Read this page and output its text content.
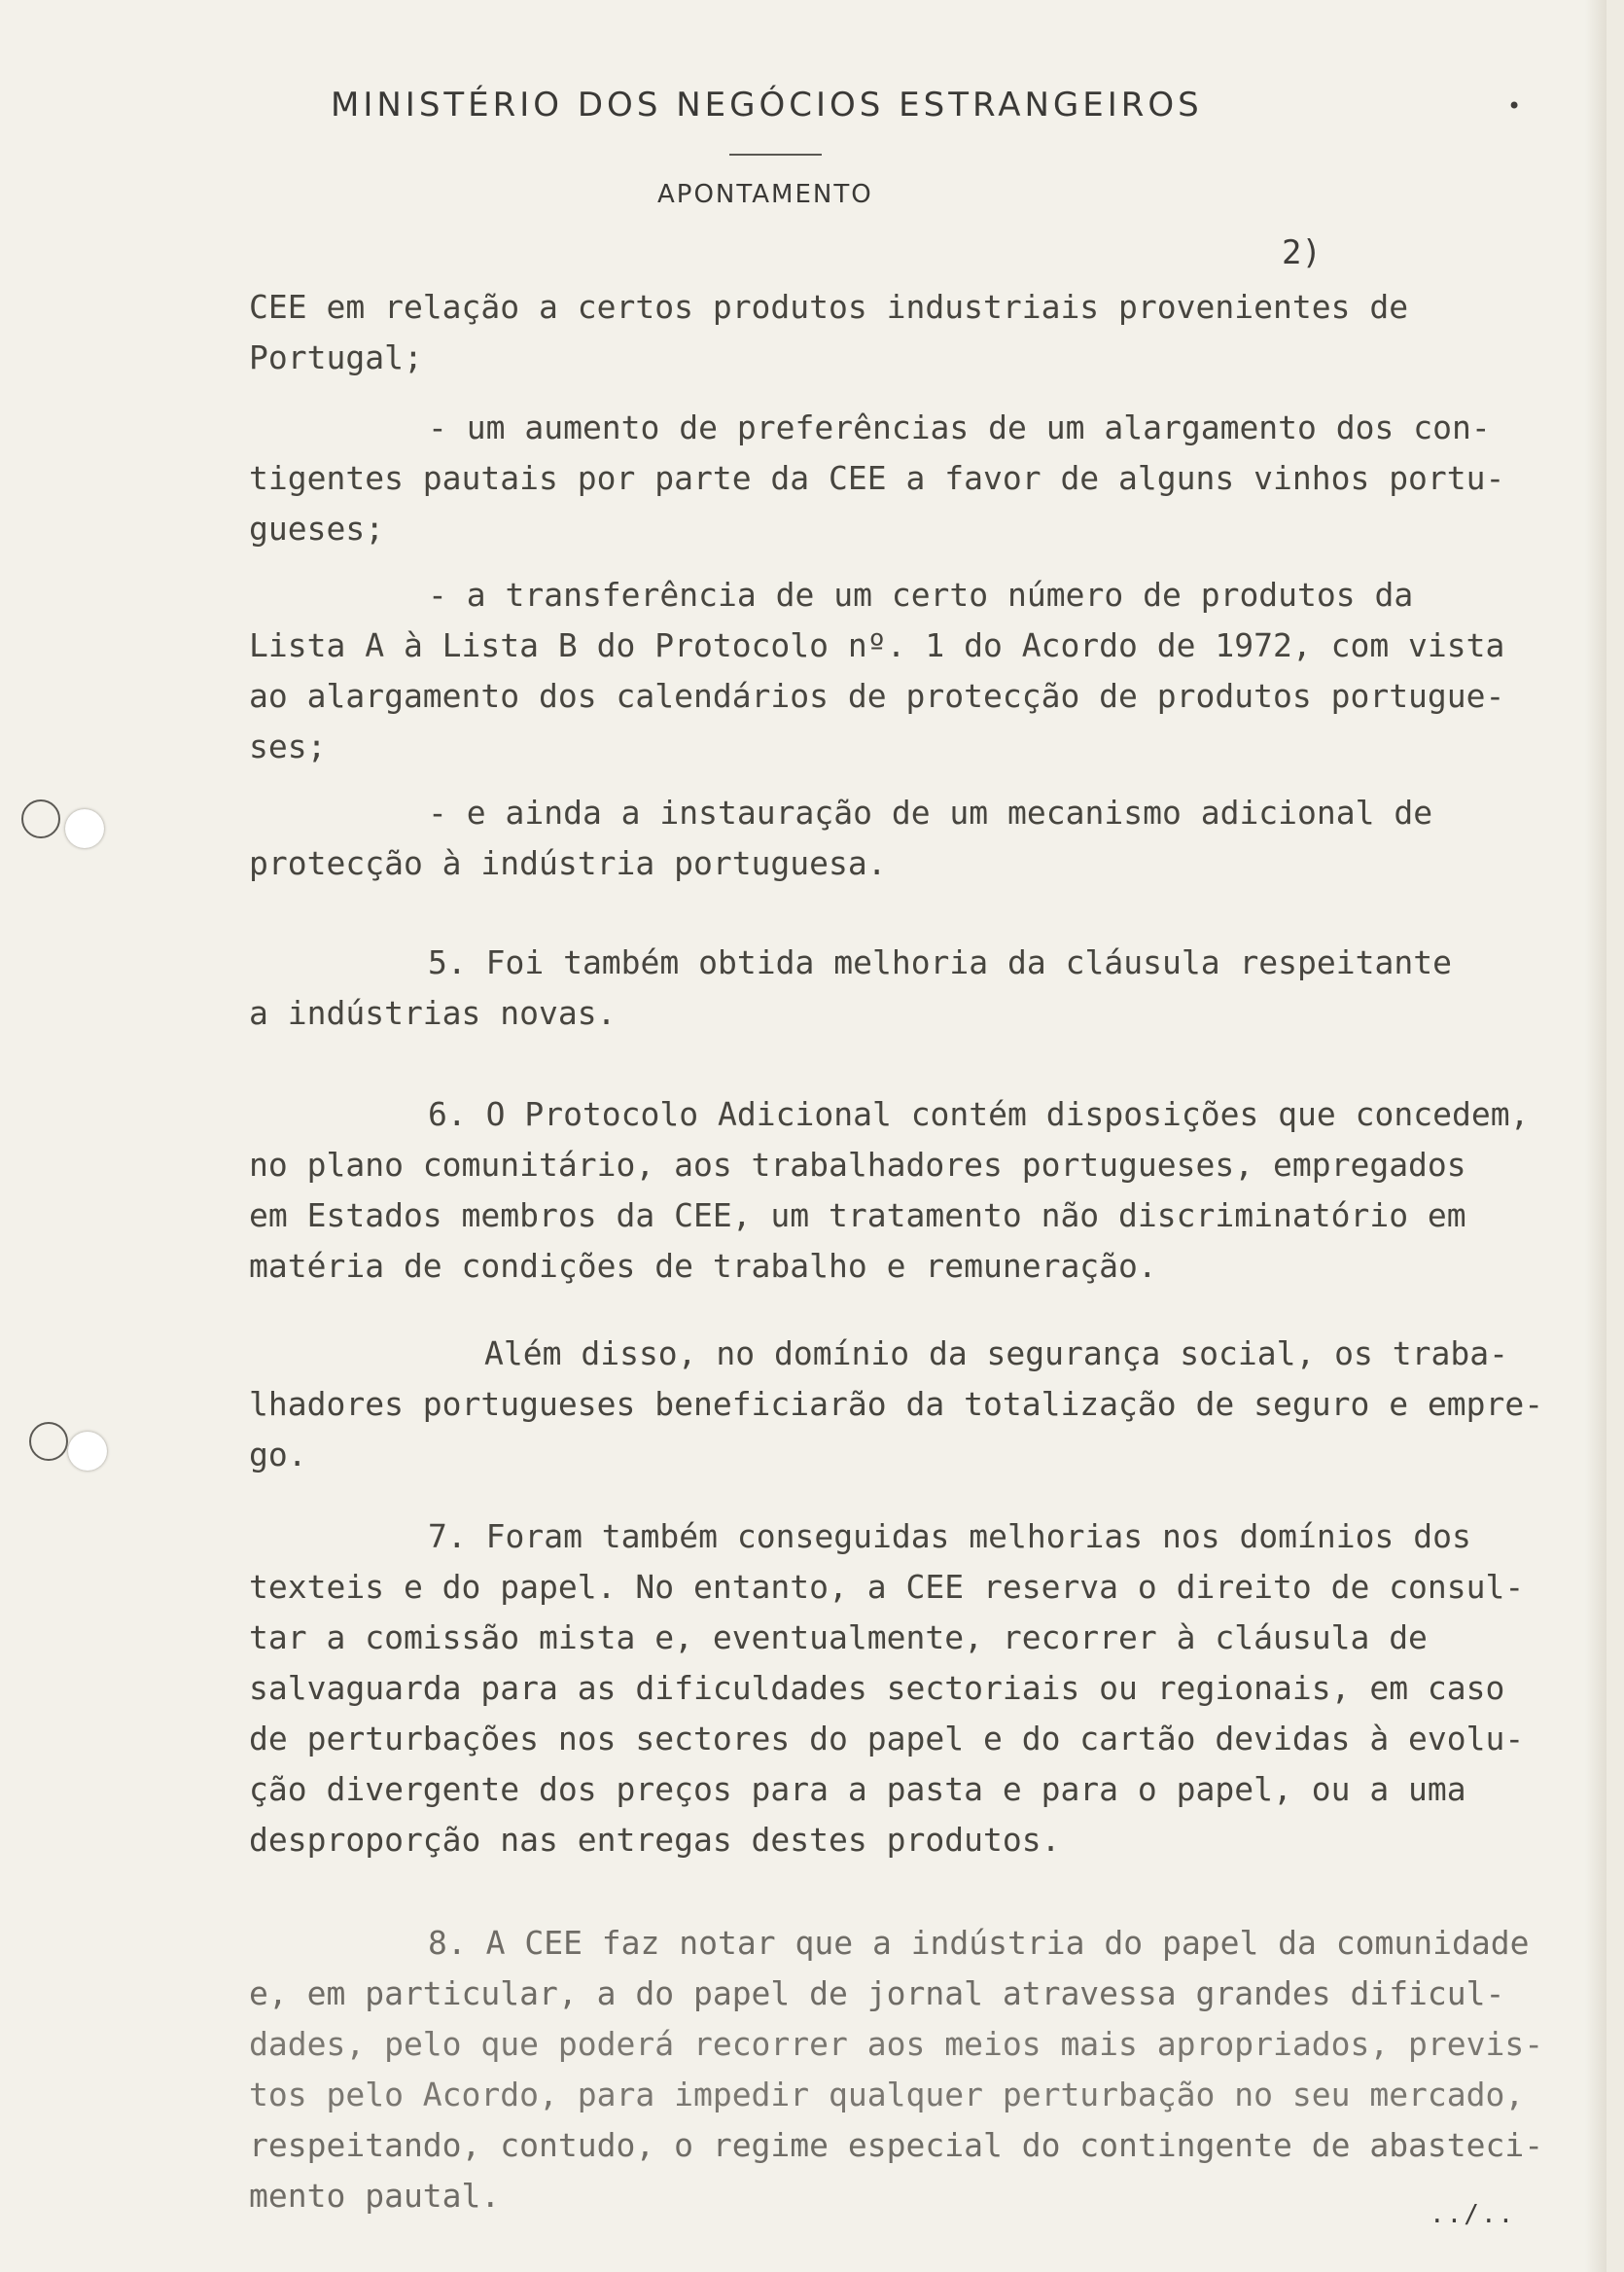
MINISTÉRIO DOS NEGÓCIOS ESTRANGEIROS	•
APONTAMENTO
2)
CEE em relação a certos produtos industriais provenientes de
Portugal;
- um aumento de preferências de um alargamento dos con-
tigentes pautais por parte da CEE a favor de alguns vinhos portu-
gueses;
- a transferência de um certo número de produtos da
Lista A à Lista B do Protocolo nº. 1 do Acordo de 1972, com vista
ao alargamento dos calendários de protecção de produtos portugue-
ses;
- e ainda a instauração de um mecanismo adicional de
protecção à indústria portuguesa.
5. Foi também obtida melhoria da cláusula respeitante
a indústrias novas.
6. O Protocolo Adicional contém disposições que concedem,
no plano comunitário, aos trabalhadores portugueses, empregados
em Estados membros da CEE, um tratamento não discriminatório em
matéria de condições de trabalho e remuneração.
Além disso, no domínio da segurança social, os traba-
lhadores portugueses beneficiarão da totalização de seguro e empre-
go.
7. Foram também conseguidas melhorias nos domínios dos
texteis e do papel. No entanto, a CEE reserva o direito de consul-
tar a comissão mista e, eventualmente, recorrer à cláusula de
salvaguarda para as dificuldades sectoriais ou regionais, em caso
de perturbações nos sectores do papel e do cartão devidas à evolu-
ção divergente dos preços para a pasta e para o papel, ou a uma
desproporção nas entregas destes produtos.
8. A CEE faz notar que a indústria do papel da comunidade
e, em particular, a do papel de jornal atravessa grandes dificul-
dades, pelo que poderá recorrer aos meios mais apropriados, previs-
tos pelo Acordo, para impedir qualquer perturbação no seu mercado,
respeitando, contudo, o regime especial do contingente de abasteci-
mento pautal.	../..
